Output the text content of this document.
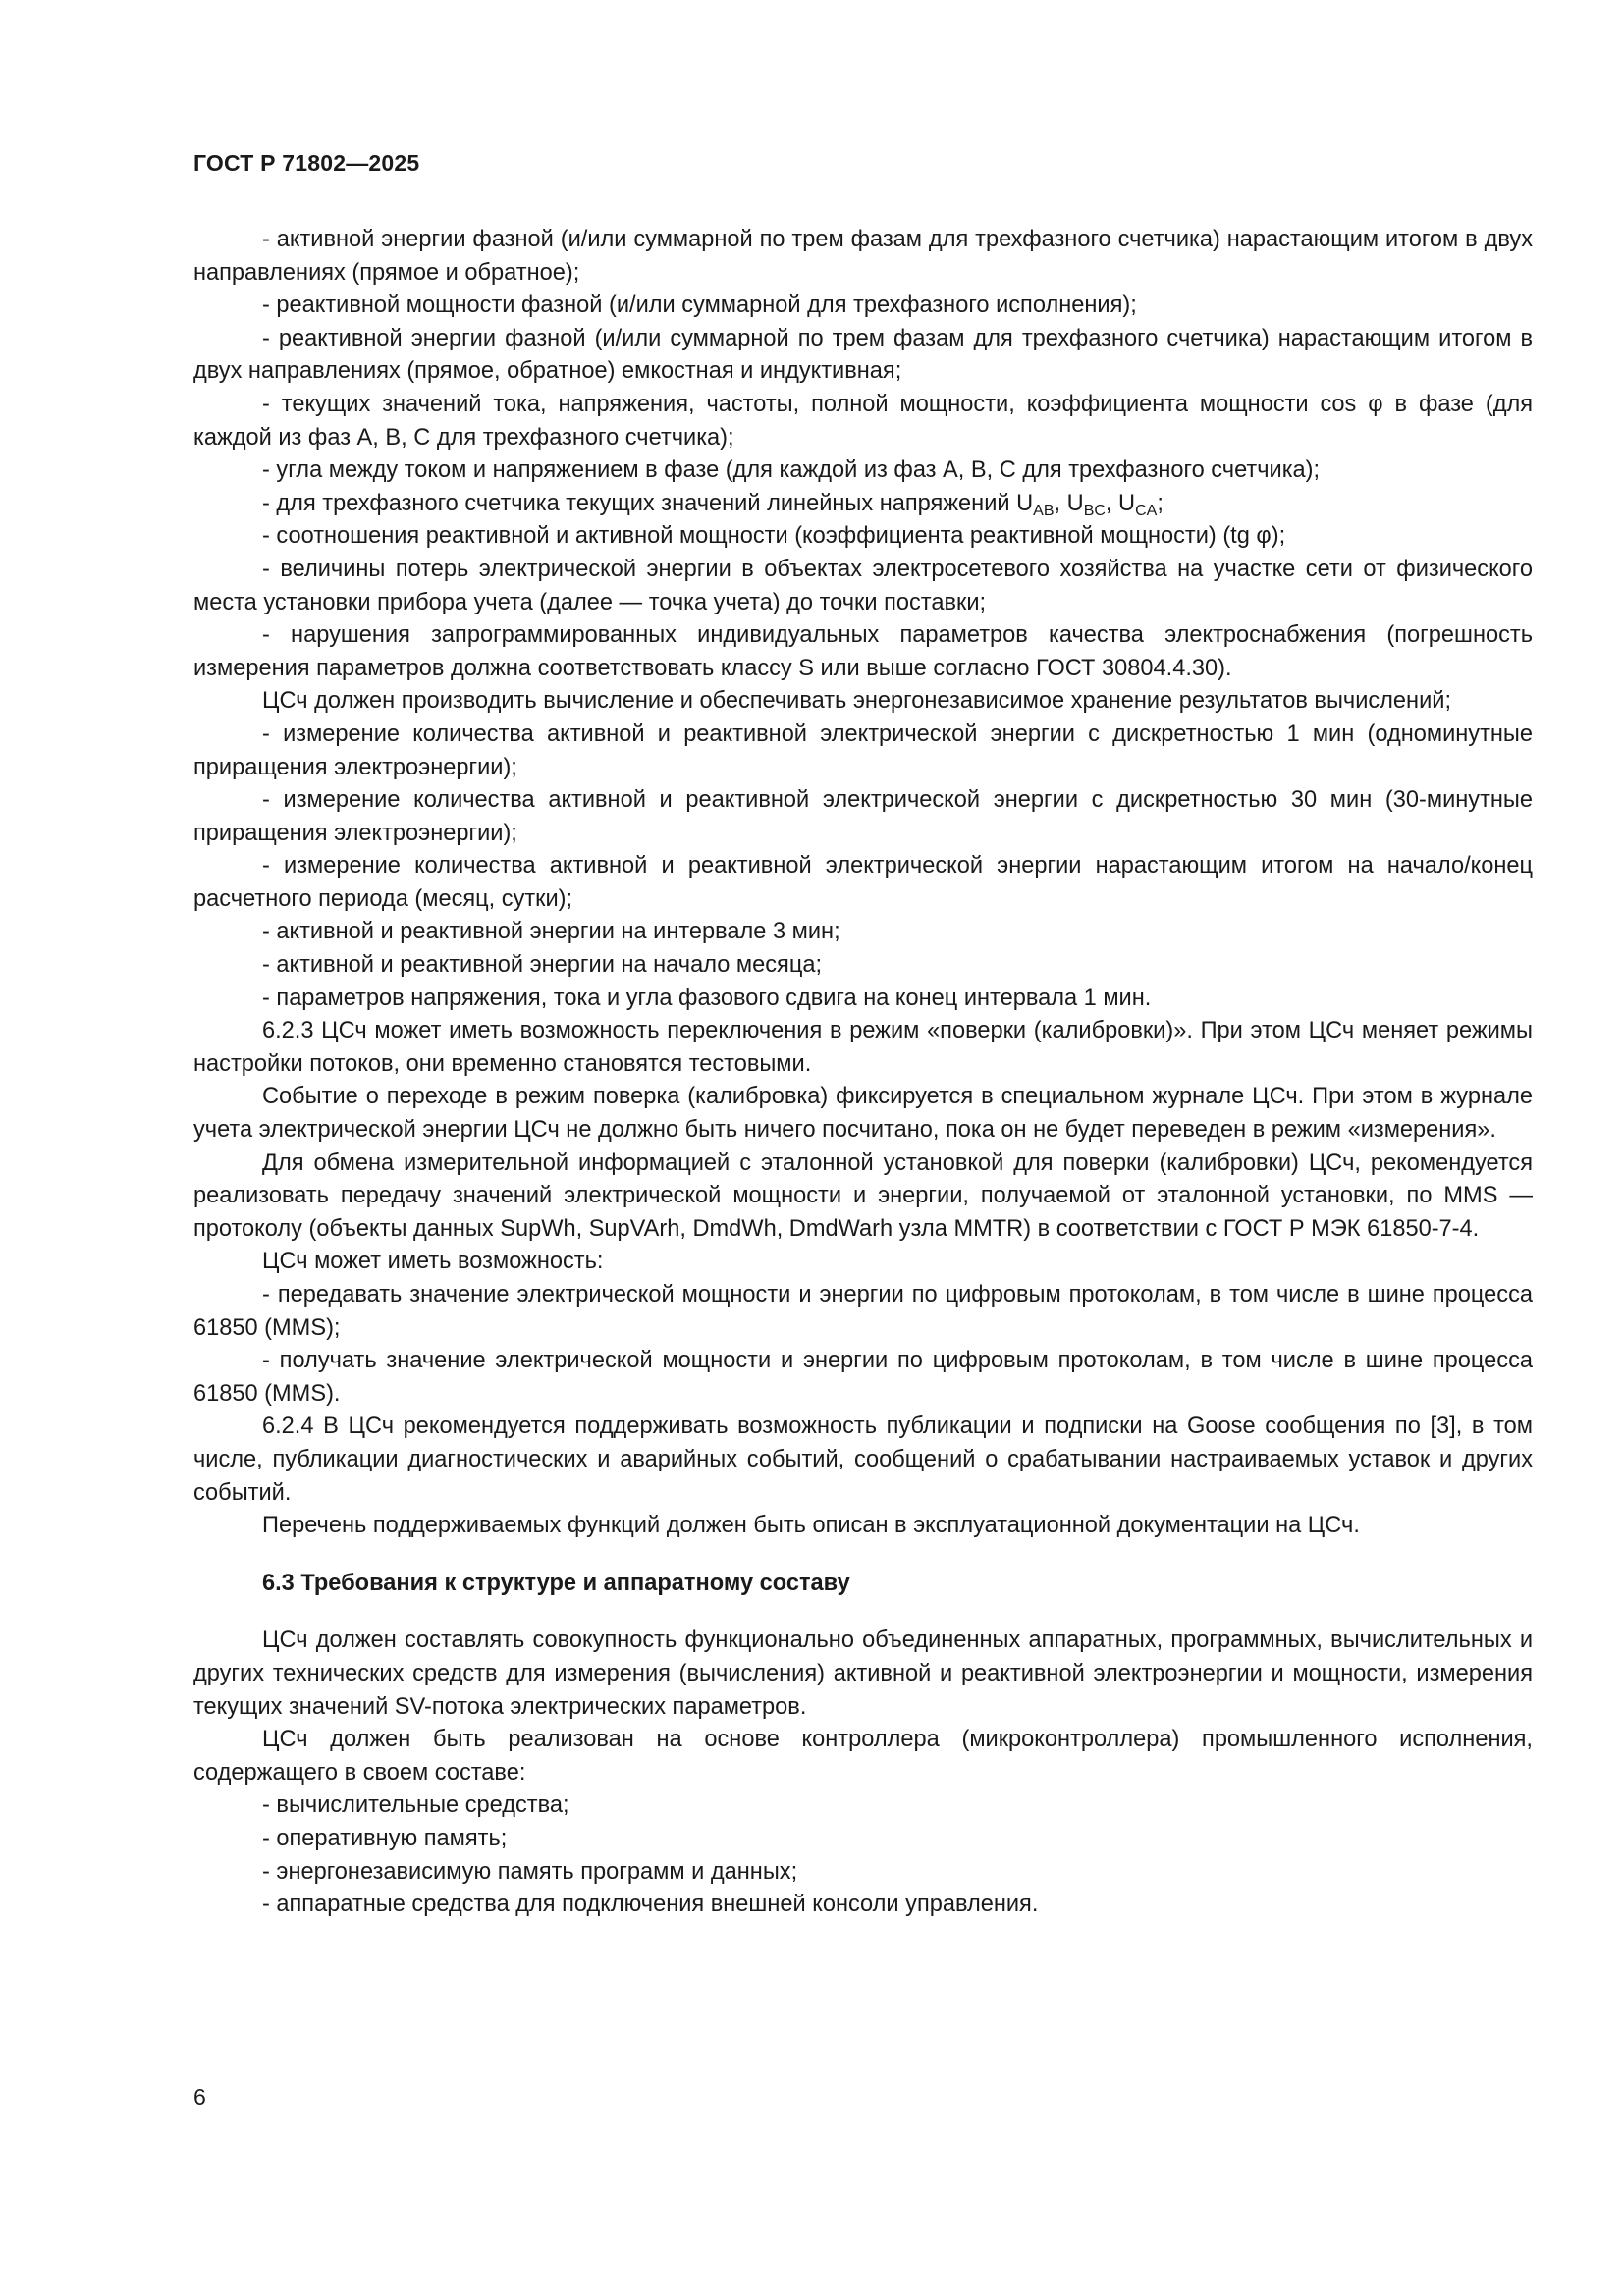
ГОСТ Р 71802—2025

- активной энергии фазной (и/или суммарной по трем фазам для трехфазного счетчика) нарастающим итогом в двух направлениях (прямое и обратное);

- реактивной мощности фазной (и/или суммарной для трехфазного исполнения);

- реактивной энергии фазной (и/или суммарной по трем фазам для трехфазного счетчика) нарастающим итогом в двух направлениях (прямое, обратное) емкостная и индуктивная;

- текущих значений тока, напряжения, частоты, полной мощности, коэффициента мощности cos φ в фазе (для каждой из фаз А, В, С для трехфазного счетчика);

- угла между током и напряжением в фазе (для каждой из фаз А, В, С для трехфазного счетчика);

- для трехфазного счетчика текущих значений линейных напряжений $U_{AB}$, $U_{BC}$, $U_{CA}$;

- соотношения реактивной и активной мощности (коэффициента реактивной мощности) (tg φ);

- величины потерь электрической энергии в объектах электросетевого хозяйства на участке сети от физического места установки прибора учета (далее — точка учета) до точки поставки;

- нарушения запрограммированных индивидуальных параметров качества электроснабжения (погрешность измерения параметров должна соответствовать классу S или выше согласно ГОСТ 30804.4.30).

ЦСч должен производить вычисление и обеспечивать энергонезависимое хранение результатов вычислений;

- измерение количества активной и реактивной электрической энергии с дискретностью 1 мин (одноминутные приращения электроэнергии);

- измерение количества активной и реактивной электрической энергии с дискретностью 30 мин (30-минутные приращения электроэнергии);

- измерение количества активной и реактивной электрической энергии нарастающим итогом на начало/конец расчетного периода (месяц, сутки);

- активной и реактивной энергии на интервале 3 мин;

- активной и реактивной энергии на начало месяца;

- параметров напряжения, тока и угла фазового сдвига на конец интервала 1 мин.

6.2.3 ЦСч может иметь возможность переключения в режим «поверки (калибровки)». При этом ЦСч меняет режимы настройки потоков, они временно становятся тестовыми.

Событие о переходе в режим поверка (калибровка) фиксируется в специальном журнале ЦСч. При этом в журнале учета электрической энергии ЦСч не должно быть ничего посчитано, пока он не будет переведен в режим «измерения».

Для обмена измерительной информацией с эталонной установкой для поверки (калибровки) ЦСч, рекомендуется реализовать передачу значений электрической мощности и энергии, получаемой от эталонной установки, по MMS — протоколу (объекты данных SupWh, SupVArh, DmdWh, DmdWarh узла MMTR) в соответствии с ГОСТ Р МЭК 61850-7-4.

ЦСч может иметь возможность:

- передавать значение электрической мощности и энергии по цифровым протоколам, в том числе в шине процесса 61850 (MMS);

- получать значение электрической мощности и энергии по цифровым протоколам, в том числе в шине процесса 61850 (MMS).

6.2.4 В ЦСч рекомендуется поддерживать возможность публикации и подписки на Goose сообщения по [3], в том числе, публикации диагностических и аварийных событий, сообщений о срабатывании настраиваемых уставок и других событий.

Перечень поддерживаемых функций должен быть описан в эксплуатационной документации на ЦСч.

6.3 Требования к структуре и аппаратному составу

ЦСч должен составлять совокупность функционально объединенных аппаратных, программных, вычислительных и других технических средств для измерения (вычисления) активной и реактивной электроэнергии и мощности, измерения текущих значений SV-потока электрических параметров.

ЦСч должен быть реализован на основе контроллера (микроконтроллера) промышленного исполнения, содержащего в своем составе:

- вычислительные средства;

- оперативную память;

- энергонезависимую память программ и данных;

- аппаратные средства для подключения внешней консоли управления.

6
